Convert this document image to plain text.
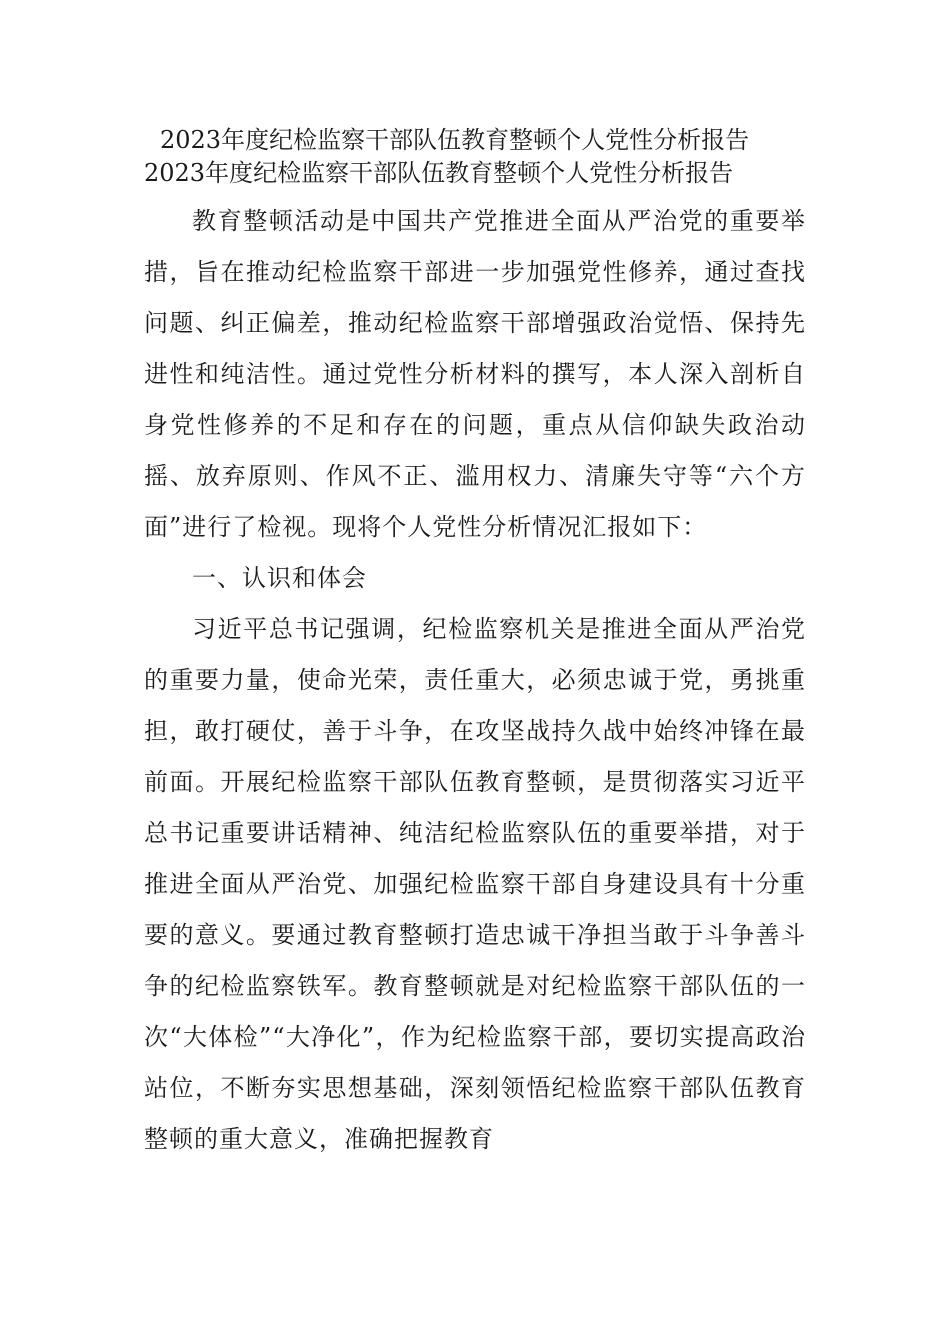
2023年度纪检监察干部队伍教育整顿个人党性分析报告

2023年度纪检监察干部队伍教育整顿个人党性分析报告

教育整顿活动是中国共产党推进全面从严治党的重要举措，旨在推动纪检监察干部进一步加强党性修养，通过查找问题、纠正偏差，推动纪检监察干部增强政治觉悟、保持先进性和纯洁性。通过党性分析材料的撰写，本人深入剖析自身党性修养的不足和存在的问题，重点从信仰缺失政治动摇、放弃原则、作风不正、滥用权力、清廉失守等“六个方面”进行了检视。现将个人党性分析情况汇报如下：

一、认识和体会

习近平总书记强调，纪检监察机关是推进全面从严治党的重要力量，使命光荣，责任重大，必须忠诚于党，勇挑重担，敢打硬仗，善于斗争，在攻坚战持久战中始终冲锋在最前面。开展纪检监察干部队伍教育整顿，是贯彻落实习近平总书记重要讲话精神、纯洁纪检监察队伍的重要举措，对于推进全面从严治党、加强纪检监察干部自身建设具有十分重要的意义。要通过教育整顿打造忠诚干净担当敢于斗争善斗争的纪检监察铁军。教育整顿就是对纪检监察干部队伍的一次“大体检”“大净化”，作为纪检监察干部，要切实提高政治站位，不断夯实思想基础，深刻领悟纪检监察干部队伍教育整顿的重大意义，准确把握教育
